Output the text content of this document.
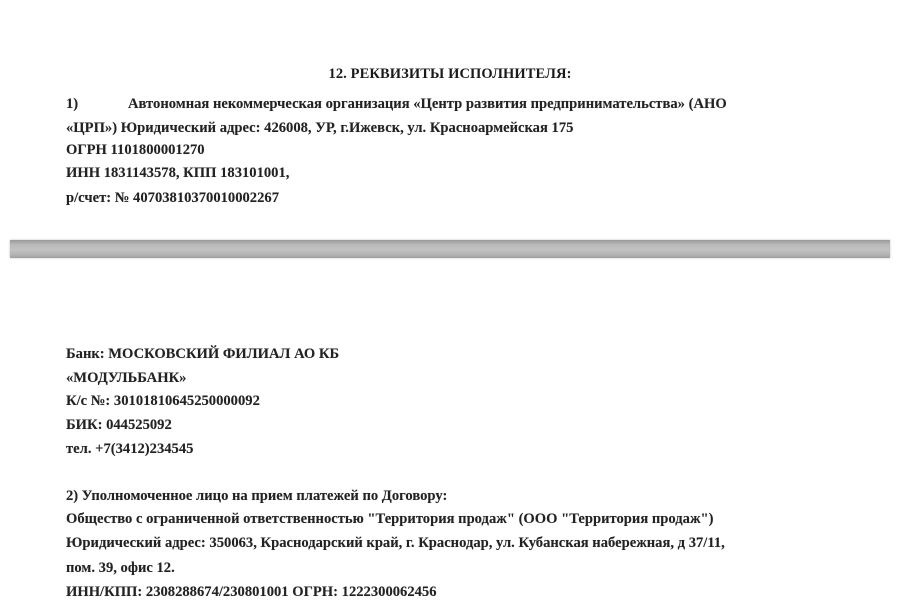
12. РЕКВИЗИТЫ ИСПОЛНИТЕЛЯ:
1)	Автономная некоммерческая организация «Центр развития предпринимательства» (АНО
«ЦРП») Юридический адрес: 426008, УР, г.Ижевск, ул. Красноармейская 175
ОГРН 1101800001270
ИНН 1831143578, КПП 183101001,
р/счет: № 40703810370010002267
Банк: МОСКОВСКИЙ ФИЛИАЛ АО КБ
«МОДУЛЬБАНК»
К/с №: 30101810645250000092
БИК: 044525092
тел. +7(3412)234545
2) Уполномоченное лицо на прием платежей по Договору:
Общество с ограниченной ответственностью "Территория продаж" (ООО "Территория продаж")
Юридический адрес: 350063, Краснодарский край, г. Краснодар, ул. Кубанская набережная, д 37/11,
пом. 39, офис 12.
ИНН/КПП: 2308288674/230801001 ОГРН: 1222300062456
